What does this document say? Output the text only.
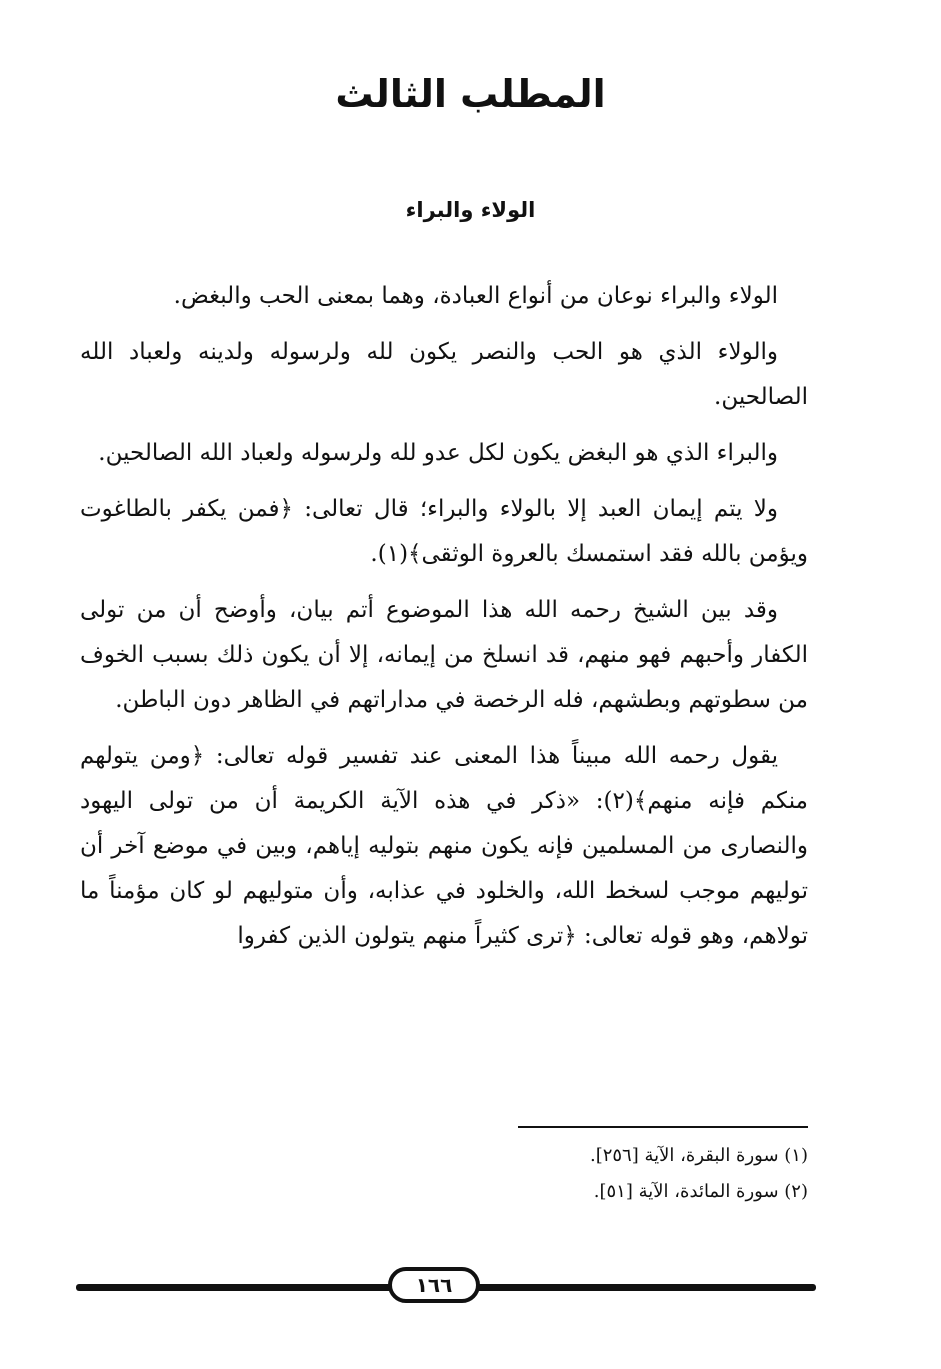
المطلب الثالث
الولاء والبراء

الولاء والبراء نوعان من أنواع العبادة، وهما بمعنى الحب والبغض.

والولاء الذي هو الحب والنصر يكون لله ولرسوله ولدينه ولعباد الله الصالحين.

والبراء الذي هو البغض يكون لكل عدو لله ولرسوله ولعباد الله الصالحين.

ولا يتم إيمان العبد إلا بالولاء والبراء؛ قال تعالى: ﴿فمن يكفر بالطاغوت ويؤمن بالله فقد استمسك بالعروة الوثقى﴾(١).

وقد بين الشيخ رحمه الله هذا الموضوع أتم بيان، وأوضح أن من تولى الكفار وأحبهم فهو منهم، قد انسلخ من إيمانه، إلا أن يكون ذلك بسبب الخوف من سطوتهم وبطشهم، فله الرخصة في مداراتهم في الظاهر دون الباطن.

يقول رحمه الله مبيناً هذا المعنى عند تفسير قوله تعالى: ﴿ومن يتولهم منكم فإنه منهم﴾(٢): «ذكر في هذه الآية الكريمة أن من تولى اليهود والنصارى من المسلمين فإنه يكون منهم بتوليه إياهم، وبين في موضع آخر أن توليهم موجب لسخط الله، والخلود في عذابه، وأن متوليهم لو كان مؤمناً ما تولاهم، وهو قوله تعالى: ﴿ترى كثيراً منهم يتولون الذين كفروا

(١) سورة البقرة، الآية [٢٥٦].
(٢) سورة المائدة، الآية [٥١].
١٦٦
